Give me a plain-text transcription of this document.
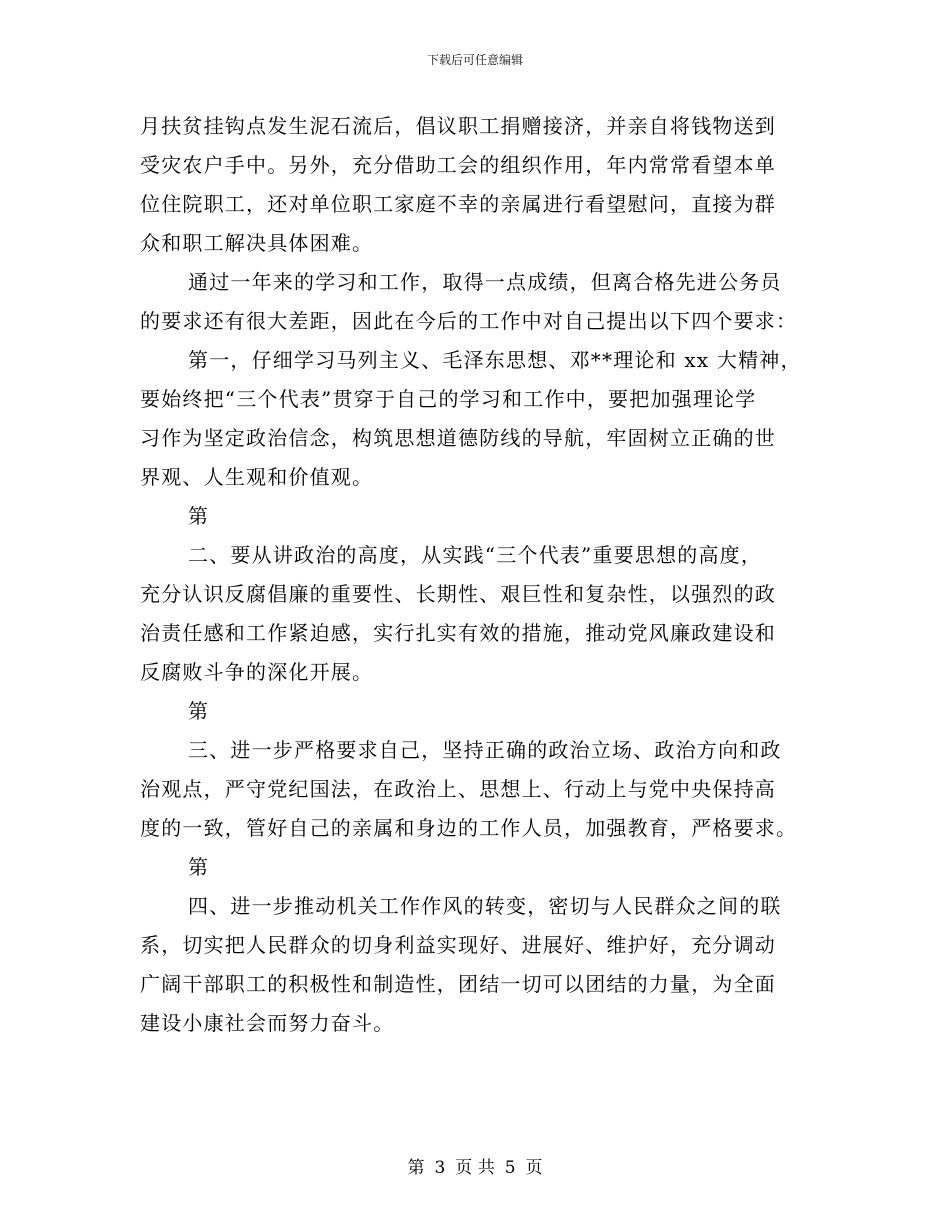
下载后可任意编辑
月扶贫挂钩点发生泥石流后，倡议职工捐赠接济，并亲自将钱物送到
受灾农户手中。另外，充分借助工会的组织作用，年内常常看望本单
位住院职工，还对单位职工家庭不幸的亲属进行看望慰问，直接为群
众和职工解决具体困难。
通过一年来的学习和工作，取得一点成绩，但离合格先进公务员
的要求还有很大差距，因此在今后的工作中对自己提出以下四个要求：
第一，仔细学习马列主义、毛泽东思想、邓**理论和 xx 大精神，
要始终把“三个代表”贯穿于自己的学习和工作中，要把加强理论学
习作为坚定政治信念，构筑思想道德防线的导航，牢固树立正确的世
界观、人生观和价值观。
第
二、要从讲政治的高度，从实践“三个代表”重要思想的高度，
充分认识反腐倡廉的重要性、长期性、艰巨性和复杂性，以强烈的政
治责任感和工作紧迫感，实行扎实有效的措施，推动党风廉政建设和
反腐败斗争的深化开展。
第
三、进一步严格要求自己，坚持正确的政治立场、政治方向和政
治观点，严守党纪国法，在政治上、思想上、行动上与党中央保持高
度的一致，管好自己的亲属和身边的工作人员，加强教育，严格要求。
第
四、进一步推动机关工作作风的转变，密切与人民群众之间的联
系，切实把人民群众的切身利益实现好、进展好、维护好，充分调动
广阔干部职工的积极性和制造性，团结一切可以团结的力量，为全面
建设小康社会而努力奋斗。
第 3 页 共 5 页
